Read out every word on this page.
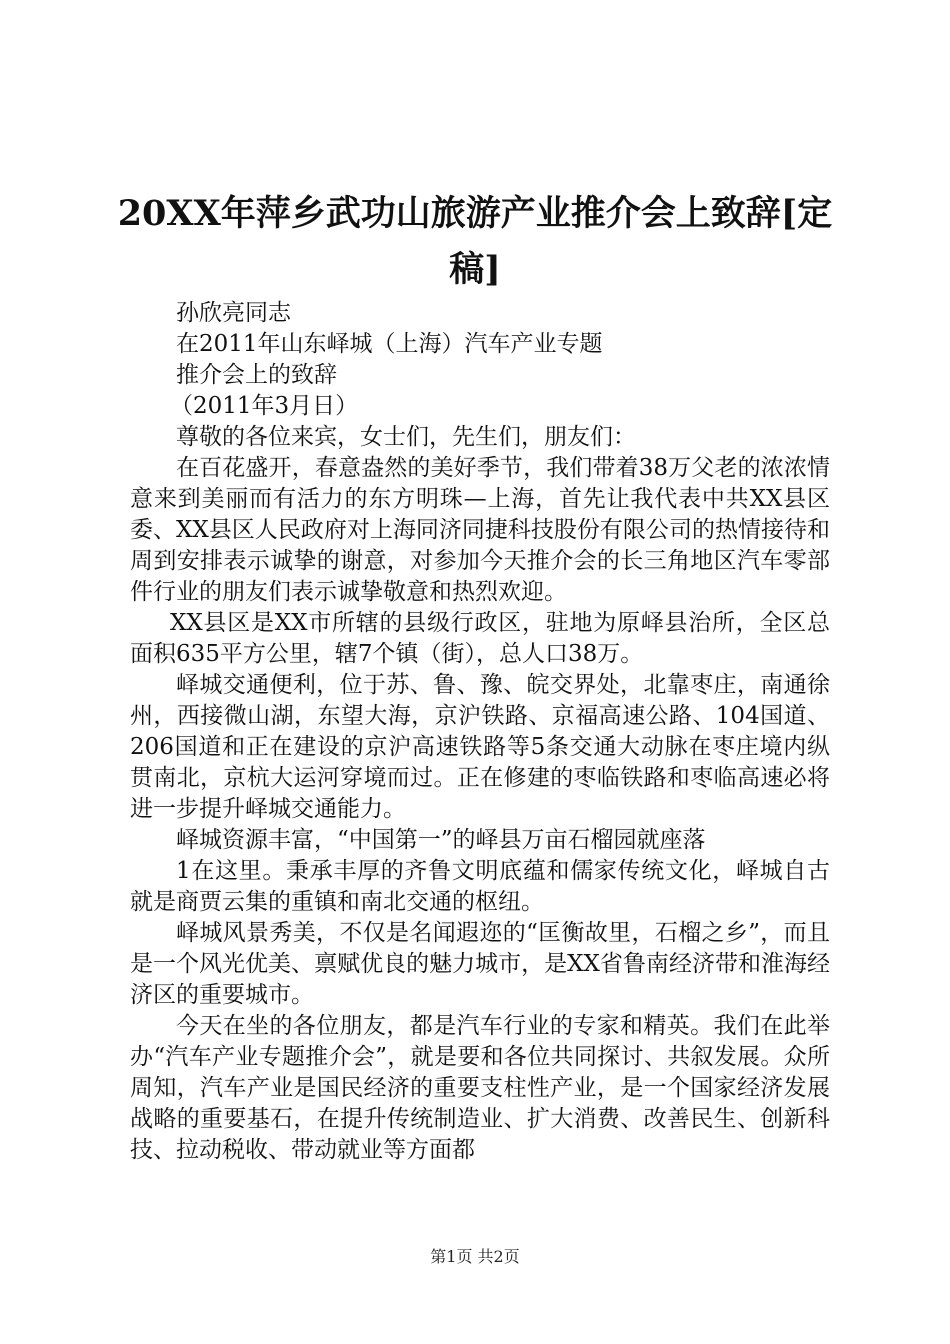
20XX年萍乡武功山旅游产业推介会上致辞[定稿]

孙欣亮同志

在2011年山东峄城（上海）汽车产业专题

推介会上的致辞

（2011年3月日）

尊敬的各位来宾，女士们，先生们，朋友们：

在百花盛开，春意盎然的美好季节，我们带着38万父老的浓浓情意来到美丽而有活力的东方明珠—上海，首先让我代表中共XX县区委、XX县区人民政府对上海同济同捷科技股份有限公司的热情接待和周到安排表示诚挚的谢意，对参加今天推介会的长三角地区汽车零部件行业的朋友们表示诚挚敬意和热烈欢迎。

XX县区是XX市所辖的县级行政区，驻地为原峄县治所，全区总面积635平方公里，辖7个镇（街），总人口38万。

峄城交通便利，位于苏、鲁、豫、皖交界处，北靠枣庄，南通徐州，西接微山湖，东望大海，京沪铁路、京福高速公路、104国道、206国道和正在建设的京沪高速铁路等5条交通大动脉在枣庄境内纵贯南北，京杭大运河穿境而过。正在修建的枣临铁路和枣临高速必将进一步提升峄城交通能力。

峄城资源丰富，“中国第一”的峄县万亩石榴园就座落

1在这里。秉承丰厚的齐鲁文明底蕴和儒家传统文化，峄城自古就是商贾云集的重镇和南北交通的枢纽。

峄城风景秀美，不仅是名闻遐迩的“匡衡故里，石榴之乡”，而且是一个风光优美、禀赋优良的魅力城市，是XX省鲁南经济带和淮海经济区的重要城市。

今天在坐的各位朋友，都是汽车行业的专家和精英。我们在此举办“汽车产业专题推介会”，就是要和各位共同探讨、共叙发展。众所周知，汽车产业是国民经济的重要支柱性产业，是一个国家经济发展战略的重要基石，在提升传统制造业、扩大消费、改善民生、创新科技、拉动税收、带动就业等方面都

第1页 共2页
